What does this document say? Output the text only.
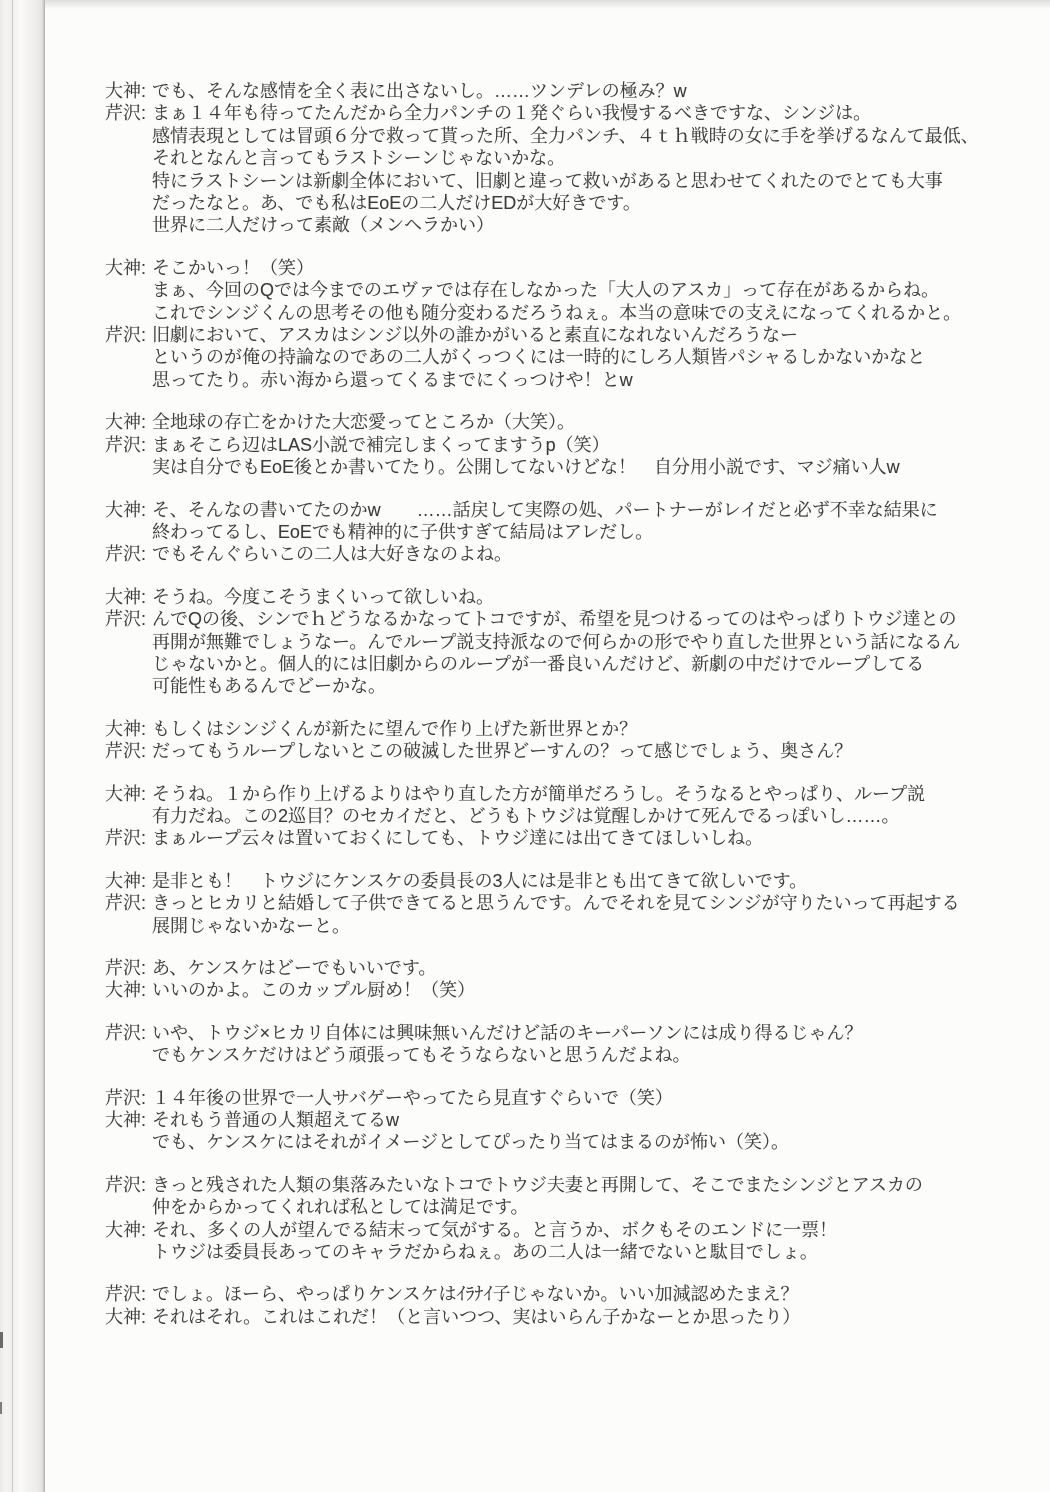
大神: でも、そんな感情を全く表に出さないし。……ツンデレの極み？w
芹沢: まぁ１４年も待ってたんだから全力パンチの１発ぐらい我慢するべきですな、シンジは。
感情表現としては冒頭６分で救って貰った所、全力パンチ、４ｔｈ戦時の女に手を挙げるなんて最低、
それとなんと言ってもラストシーンじゃないかな。
特にラストシーンは新劇全体において、旧劇と違って救いがあると思わせてくれたのでとても大事
だったなと。あ、でも私はEoEの二人だけEDが大好きです。
世界に二人だけって素敵（メンヘラかい）
大神: そこかいっ！（笑）
まぁ、今回のQでは今までのエヴァでは存在しなかった「大人のアスカ」って存在があるからね。
これでシンジくんの思考その他も随分変わるだろうねぇ。本当の意味での支えになってくれるかと。
芹沢: 旧劇において、アスカはシンジ以外の誰かがいると素直になれないんだろうなー
というのが俺の持論なのであの二人がくっつくには一時的にしろ人類皆パシャるしかないかなと
思ってたり。赤い海から還ってくるまでにくっつけや！とw
大神: 全地球の存亡をかけた大恋愛ってところか（大笑）。
芹沢: まぁそこら辺はLAS小説で補完しまくってますうp（笑）
実は自分でもEoE後とか書いてたり。公開してないけどな！　自分用小説です、マジ痛い人w
大神: そ、そんなの書いてたのかw　　……話戻して実際の処、パートナーがレイだと必ず不幸な結果に
終わってるし、EoEでも精神的に子供すぎて結局はアレだし。
芹沢: でもそんぐらいこの二人は大好きなのよね。
大神: そうね。今度こそうまくいって欲しいね。
芹沢: んでQの後、シンでｈどうなるかなってトコですが、希望を見つけるってのはやっぱりトウジ達との
再開が無難でしょうなー。んでループ説支持派なので何らかの形でやり直した世界という話になるん
じゃないかと。個人的には旧劇からのループが一番良いんだけど、新劇の中だけでループしてる
可能性もあるんでどーかな。
大神: もしくはシンジくんが新たに望んで作り上げた新世界とか？
芹沢: だってもうループしないとこの破滅した世界どーすんの？って感じでしょう、奥さん？
大神: そうね。１から作り上げるよりはやり直した方が簡単だろうし。そうなるとやっぱり、ループ説
有力だね。この2巡目？のセカイだと、どうもトウジは覚醒しかけて死んでるっぽいし……。
芹沢: まぁループ云々は置いておくにしても、トウジ達には出てきてほしいしね。
大神: 是非とも！　トウジにケンスケの委員長の3人には是非とも出てきて欲しいです。
芹沢: きっとヒカリと結婚して子供できてると思うんです。んでそれを見てシンジが守りたいって再起する
展開じゃないかなーと。
芹沢: あ、ケンスケはどーでもいいです。
大神: いいのかよ。このカップル厨め！（笑）
芹沢: いや、トウジ×ヒカリ自体には興味無いんだけど話のキーパーソンには成り得るじゃん？
でもケンスケだけはどう頑張ってもそうならないと思うんだよね。
芹沢: １４年後の世界で一人サバゲーやってたら見直すぐらいで（笑）
大神: それもう普通の人類超えてるw
でも、ケンスケにはそれがイメージとしてぴったり当てはまるのが怖い（笑）。
芹沢: きっと残された人類の集落みたいなトコでトウジ夫妻と再開して、そこでまたシンジとアスカの
仲をからかってくれれば私としては満足です。
大神: それ、多くの人が望んでる結末って気がする。と言うか、ボクもそのエンドに一票！
トウジは委員長あってのキャラだからねぇ。あの二人は一緒でないと駄目でしょ。
芹沢: でしょ。ほーら、やっぱりケンスケはｲﾗﾅｲ子じゃないか。いい加減認めたまえ？
大神: それはそれ。これはこれだ！（と言いつつ、実はいらん子かなーとか思ったり）
